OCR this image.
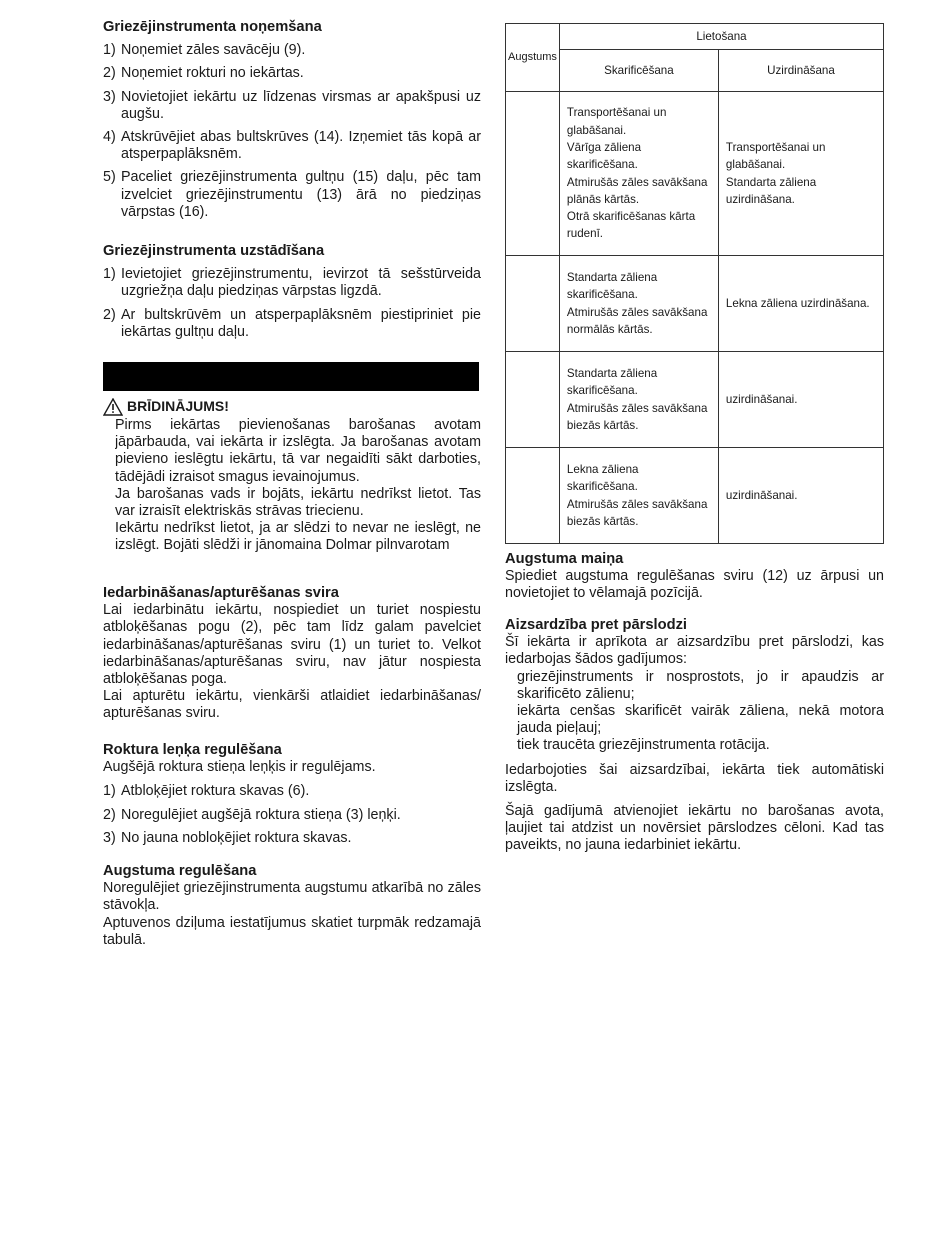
Griezējinstrumenta noņemšana
1) Noņemiet zāles savācēju (9).
2) Noņemiet rokturi no iekārtas.
3) Novietojiet iekārtu uz līdzenas virsmas ar apakšpusi uz augšu.
4) Atskrūvējiet abas bultskrūves (14). Izņemiet tās kopā ar atsperpaplāksnēm.
5) Paceliet griezējinstrumenta gultņu (15) daļu, pēc tam izvelciet griezējinstrumentu (13) ārā no piedziņas vārpstas (16).
Griezējinstrumenta uzstādīšana
1) Ievietojiet griezējinstrumentu, ievirzot tā sešstūrveida uzgriežņa daļu piedziņas vārpstas ligzdā.
2) Ar bultskrūvēm un atsperpaplāksnēm piestipriniet pie iekārtas gultņu daļu.
BRĪDINĀJUMS!

Pirms iekārtas pievienošanas barošanas avotam jāpārbauda, vai iekārta ir izslēgta. Ja barošanas avotam pievieno ieslēgtu iekārtu, tā var negaidīti sākt darboties, tādējādi izraisot smagus ievainojumus.

Ja barošanas vads ir bojāts, iekārtu nedrīkst lietot. Tas var izraisīt elektriskās strāvas triecienu.

Iekārtu nedrīkst lietot, ja ar slēdzi to nevar ne ieslēgt, ne izslēgt. Bojāti slēdži ir jānomaina Dolmar pilnvarotam

Iedarbināšanas/apturēšanas svira

Lai iedarbinātu iekārtu, nospiediet un turiet nospiestu atbloķēšanas pogu (2), pēc tam līdz galam pavelciet iedarbināšanas/apturēšanas sviru (1) un turiet to. Velkot iedarbināšanas/apturēšanas sviru, nav jātur nospiesta atbloķēšanas poga.

Lai apturētu iekārtu, vienkārši atlaidiet iedarbināšanas/ apturēšanas sviru.

Roktura leņķa regulēšana

Augšējā roktura stieņa leņķis ir regulējams.

1) Atbloķējiet roktura skavas (6).
2) Noregulējiet augšējā roktura stieņa (3) leņķi.
3) No jauna nobloķējiet roktura skavas.
Augstuma regulēšana

Noregulējiet griezējinstrumenta augstumu atkarībā no zāles stāvokļa.

Aptuvenos dziļuma iestatījumus skatiet turpmāk redzamajā tabulā.

Augstums	Lietošana	
	Skarificēšana	Uzirdināšana
	Transportēšanai un glabāšanai.
Vārīga zāliena skarificēšana.
Atmirušās zāles savākšana plānās kārtās.
Otrā skarificēšanas kārta rudenī.	Transportēšanai un glabāšanai.
Standarta zāliena uzirdināšana.
	Standarta zāliena skarificēšana.
Atmirušās zāles savākšana normālās kārtās.	Lekna zāliena uzirdināšana.
	Standarta zāliena skarificēšana.
Atmirušās zāles savākšana biezās kārtās.	uzirdināšanai.
	Lekna zāliena skarificēšana.
Atmirušās zāles savākšana biezās kārtās.	uzirdināšanai.
Augstuma maiņa

Spiediet augstuma regulēšanas sviru (12) uz ārpusi un novietojiet to vēlamajā pozīcijā.

Aizsardzība pret pārslodzi

Šī iekārta ir aprīkota ar aizsardzību pret pārslodzi, kas iedarbojas šādos gadījumos:

griezējinstruments ir nosprostots, jo ir apaudzis ar skarificēto zālienu;

iekārta cenšas skarificēt vairāk zāliena, nekā motora jauda pieļauj;

tiek traucēta griezējinstrumenta rotācija.

Iedarbojoties šai aizsardzībai, iekārta tiek automātiski izslēgta.

Šajā gadījumā atvienojiet iekārtu no barošanas avota, ļaujiet tai atdzist un novērsiet pārslodzes cēloni. Kad tas paveikts, no jauna iedarbiniet iekārtu.
